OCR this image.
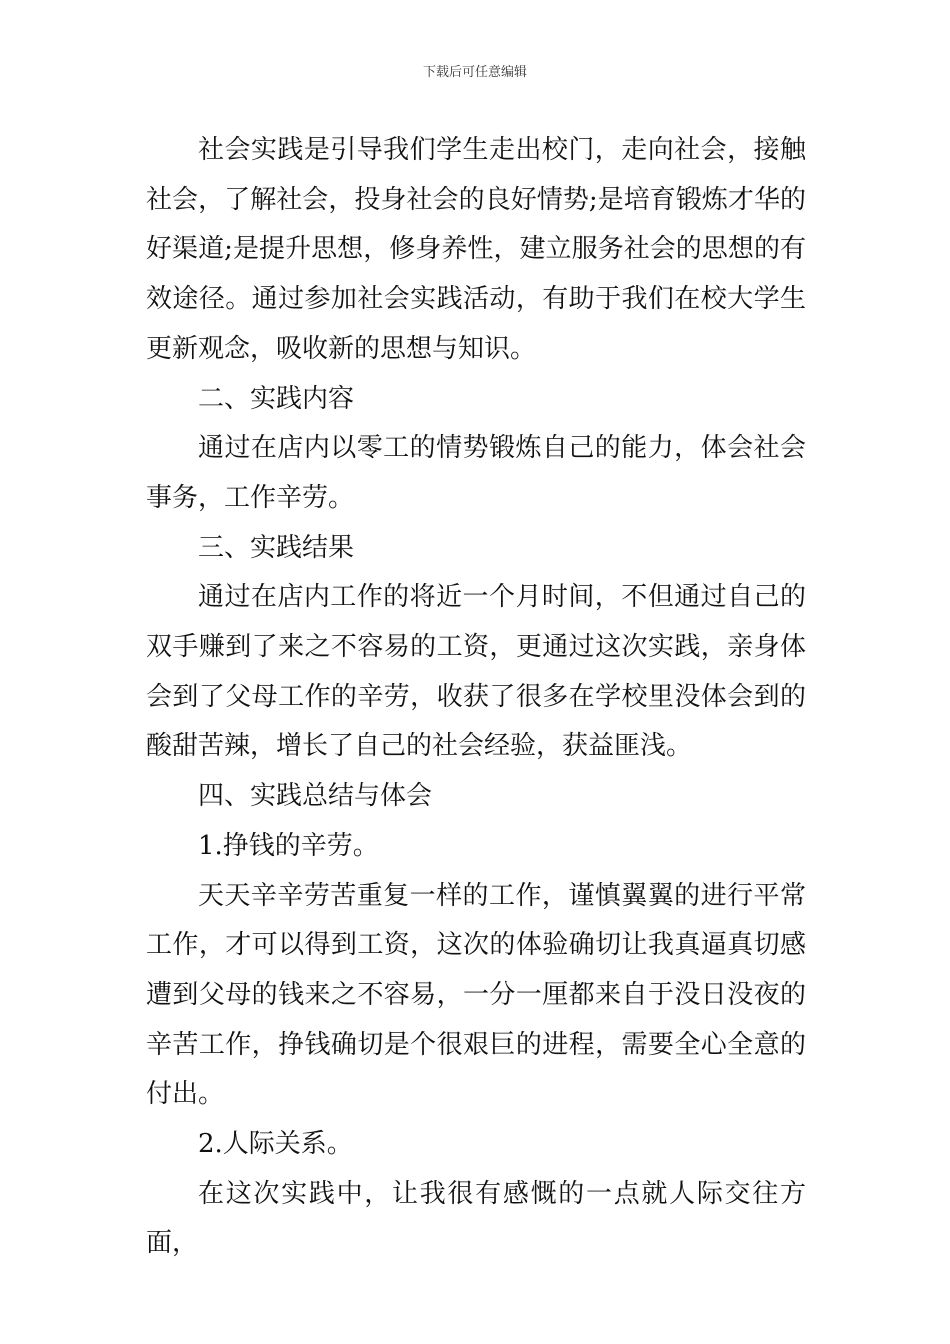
下载后可任意编辑

社会实践是引导我们学生走出校门，走向社会，接触社会，了解社会，投身社会的良好情势;是培育锻炼才华的好渠道;是提升思想，修身养性，建立服务社会的思想的有效途径。通过参加社会实践活动，有助于我们在校大学生更新观念，吸收新的思想与知识。

二、实践内容

通过在店内以零工的情势锻炼自己的能力，体会社会事务，工作辛劳。

三、实践结果

通过在店内工作的将近一个月时间，不但通过自己的双手赚到了来之不容易的工资，更通过这次实践，亲身体会到了父母工作的辛劳，收获了很多在学校里没体会到的酸甜苦辣，增长了自己的社会经验，获益匪浅。

四、实践总结与体会

1.挣钱的辛劳。

天天辛辛劳苦重复一样的工作，谨慎翼翼的进行平常工作，才可以得到工资，这次的体验确切让我真逼真切感遭到父母的钱来之不容易，一分一厘都来自于没日没夜的辛苦工作，挣钱确切是个很艰巨的进程，需要全心全意的付出。

2.人际关系。

在这次实践中，让我很有感慨的一点就人际交往方面，
